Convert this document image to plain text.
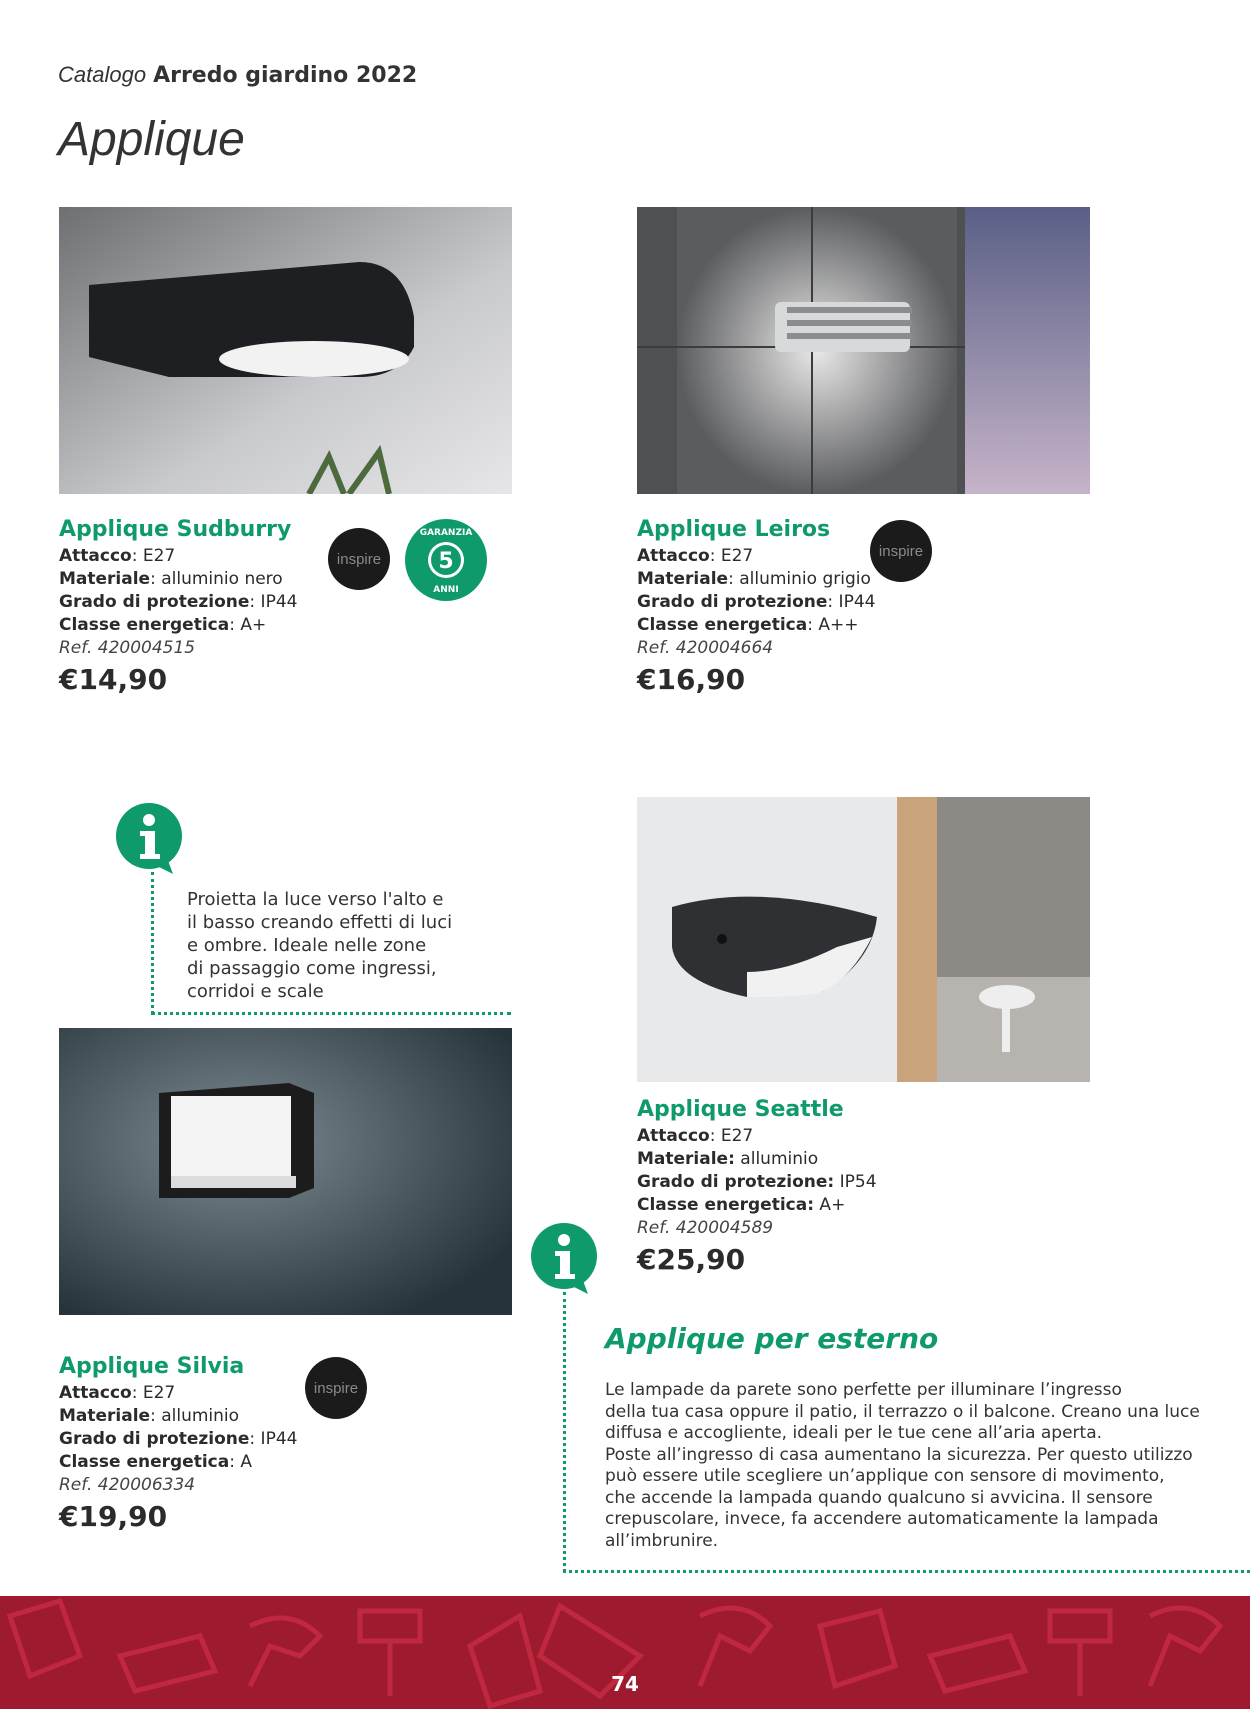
Catalogo Arredo giardino 2022
Applique
Applique Sudburry
Attacco: E27
Materiale: alluminio nero
Grado di protezione: IP44
Classe energetica: A+
Ref. 420004515
€14,90
inspire	5
GARANZIA
ANNI
Applique Leiros
Attacco: E27
Materiale: alluminio grigio
Grado di protezione: IP44
Classe energetica: A++
Ref. 420004664
€16,90
inspire
Proietta la luce verso l'alto e
il basso creando effetti di luci
e ombre. Ideale nelle zone
di passaggio come ingressi,
corridoi e scale
Applique Seattle
Attacco: E27
Materiale: alluminio
Grado di protezione: IP54
Classe energetica: A+
Ref. 420004589
€25,90
Applique Silvia
Attacco: E27
Materiale: alluminio
Grado di protezione: IP44
Classe energetica: A
Ref. 420006334
€19,90
inspire
Applique per esterno
Le lampade da parete sono perfette per illuminare l’ingresso
della tua casa oppure il patio, il terrazzo o il balcone. Creano una luce
diffusa e accogliente, ideali per le tue cene all’aria aperta.
Poste all’ingresso di casa aumentano la sicurezza. Per questo utilizzo
può essere utile scegliere un’applique con sensore di movimento,
che accende la lampada quando qualcuno si avvicina. Il sensore
crepuscolare, invece, fa accendere automaticamente la lampada
all’imbrunire.
74
